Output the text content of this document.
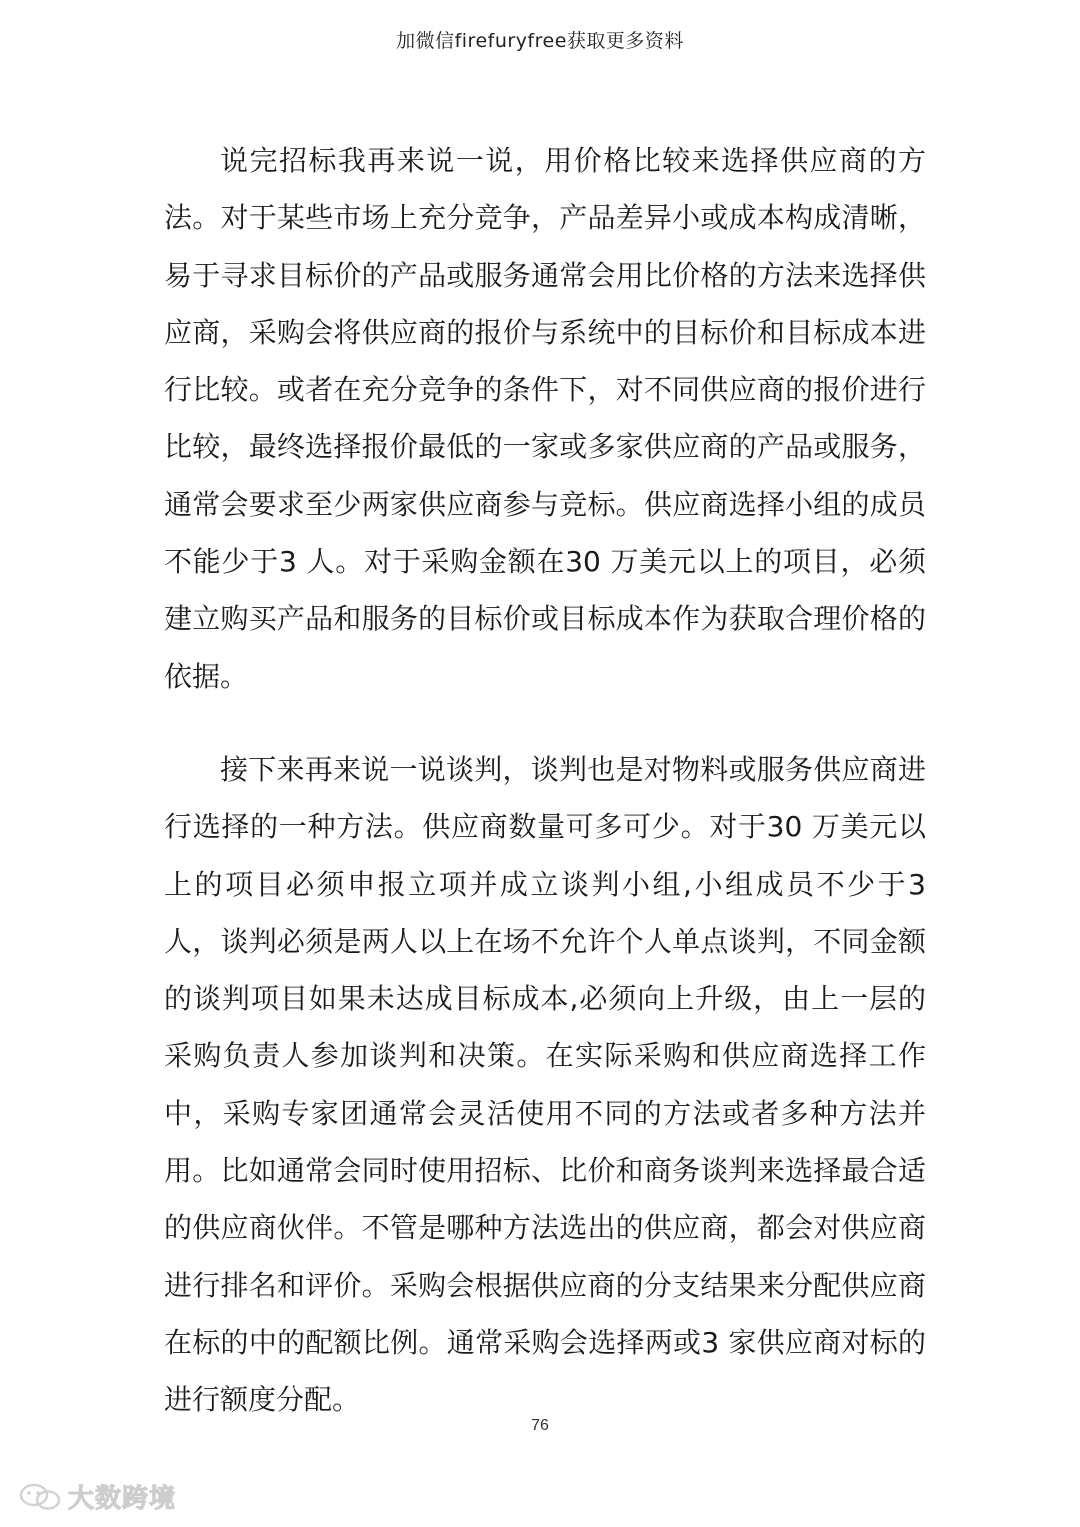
加微信firefuryfree获取更多资料

说完招标我再来说一说，用价格比较来选择供应商的方法。对于某些市场上充分竞争，产品差异小或成本构成清晰，易于寻求目标价的产品或服务通常会用比价格的方法来选择供应商，采购会将供应商的报价与系统中的目标价和目标成本进行比较。或者在充分竞争的条件下，对不同供应商的报价进行比较，最终选择报价最低的一家或多家供应商的产品或服务，通常会要求至少两家供应商参与竞标。供应商选择小组的成员不能少于3 人。对于采购金额在30 万美元以上的项目，必须建立购买产品和服务的目标价或目标成本作为获取合理价格的依据。

接下来再来说一说谈判，谈判也是对物料或服务供应商进行选择的一种方法。供应商数量可多可少。对于30 万美元以上的项目必须申报立项并成立谈判小组,小组成员不少于3 人，谈判必须是两人以上在场不允许个人单点谈判，不同金额的谈判项目如果未达成目标成本,必须向上升级，由上一层的采购负责人参加谈判和决策。在实际采购和供应商选择工作中，采购专家团通常会灵活使用不同的方法或者多种方法并用。比如通常会同时使用招标、比价和商务谈判来选择最合适的供应商伙伴。不管是哪种方法选出的供应商，都会对供应商进行排名和评价。采购会根据供应商的分支结果来分配供应商在标的中的配额比例。通常采购会选择两或3 家供应商对标的进行额度分配。

76
大数跨境
